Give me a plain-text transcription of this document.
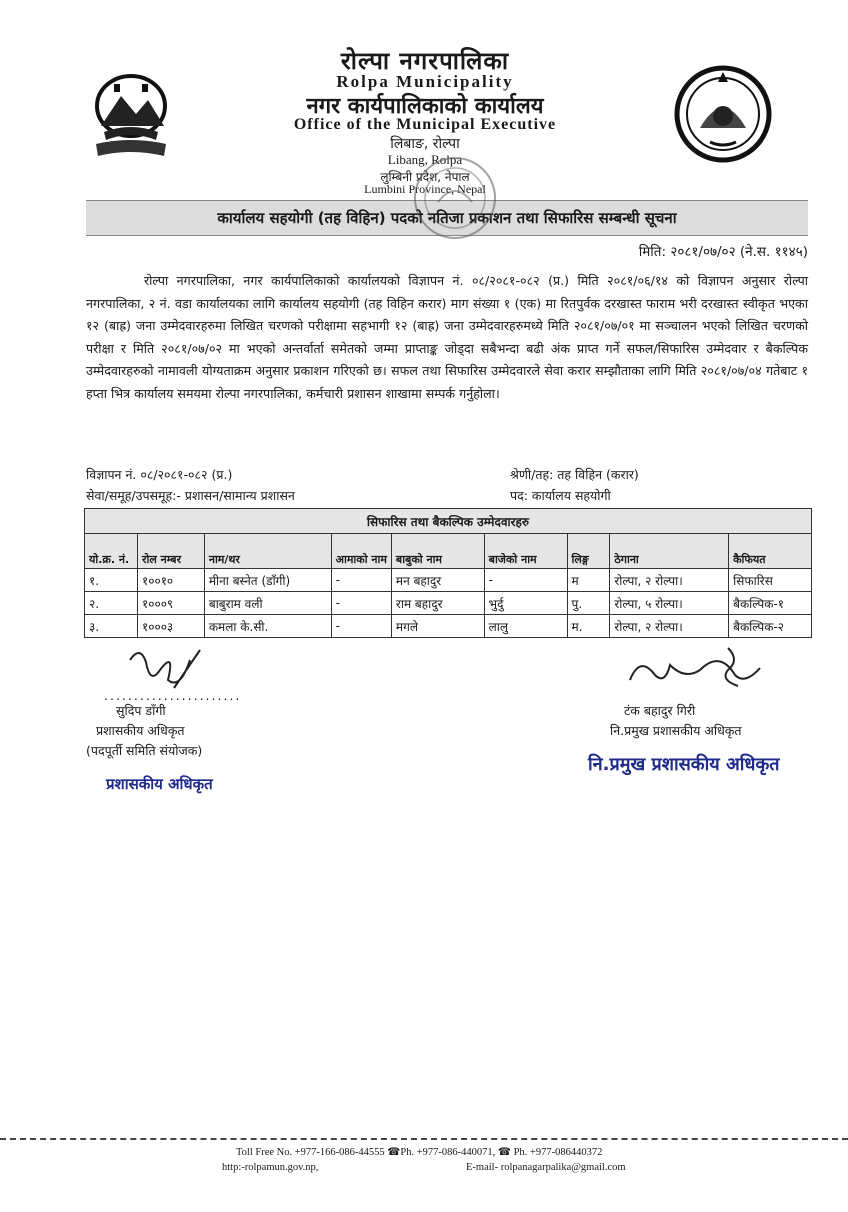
रोल्पा नगरपालिका
Rolpa Municipality
नगर कार्यपालिकाको कार्यालय
Office of the Municipal Executive
लिबाङ, रोल्पा
Libang, Rolpa
लुम्बिनी प्रदेश, नेपाल
Lumbini Province, Nepal
कार्यालय सहयोगी (तह विहिन) पदको नतिजा प्रकाशन तथा सिफारिस सम्बन्धी सूचना
मिति: २०८१/०७/०२ (ने.स. ११४५)
रोल्पा नगरपालिका, नगर कार्यपालिकाको कार्यालयको विज्ञापन नं. ०८/२०८१-०८२ (प्र.) मिति २०८१/०६/१४ को विज्ञापन अनुसार रोल्पा नगरपालिका, २ नं. वडा कार्यालयका लागि कार्यालय सहयोगी (तह विहिन करार) माग संख्या १ (एक) मा रितपुर्वक दरखास्त फाराम भरी दरखास्त स्वीकृत भएका १२ (बाह्र) जना उम्मेदवारहरुमा लिखित चरणको परीक्षामा सहभागी १२ (बाह्र) जना उम्मेदवारहरुमध्ये मिति २०८१/०७/०१ मा सञ्चालन भएको लिखित चरणको परीक्षा र मिति २०८१/०७/०२ मा भएको अन्तर्वार्ता समेतको जम्मा प्राप्ताङ्क जोड्दा सबैभन्दा बढी अंक प्राप्त गर्ने सफल/सिफारिस उम्मेदवार र बैकल्पिक उम्मेदवारहरुको नामावली योग्यताक्रम अनुसार प्रकाशन गरिएको छ। सफल तथा सिफारिस उम्मेदवारले सेवा करार सम्झौताका लागि मिति २०८१/०७/०४ गतेबाट १ हप्ता भित्र कार्यालय समयमा रोल्पा नगरपालिका, कर्मचारी प्रशासन शाखामा सम्पर्क गर्नुहोला।
विज्ञापन नं. ०८/२०८१-०८२ (प्र.)	श्रेणी/तह: तह विहिन (करार)
सेवा/समूह/उपसमूह:- प्रशासन/सामान्य प्रशासन	पद: कार्यालय सहयोगी
सिफारिस तथा बैकल्पिक उम्मेदवारहरु								
यो.क्र. नं.	रोल नम्बर	नाम/थर	आमाको नाम	बाबुको नाम	बाजेको नाम	लिङ्ग	ठेगाना	कैफियत
१.	१००१०	मीना बस्नेत (डाँगी)	-	मन बहादुर	-	म	रोल्पा, २ रोल्पा।	सिफारिस
२.	१०००९	बाबुराम वली	-	राम बहादुर	भुर्दु	पु.	रोल्पा, ५ रोल्पा।	बैकल्पिक-१
३.	१०००३	कमला के.सी.	-	मगले	लालु	म.	रोल्पा, २ रोल्पा।	बैकल्पिक-२
.......................
सुदिप डाँगी
प्रशासकीय अधिकृत
(पदपूर्ती समिति संयोजक)
प्रशासकीय अधिकृत
टंक बहादुर गिरी
नि.प्रमुख प्रशासकीय अधिकृत
नि.प्रमुख प्रशासकीय अधिकृत
Toll Free No. +977-166-086-44555 ☎Ph. +977-086-440071, ☎ Ph. +977-086440372
http:-rolpamun.gov.np,	E-mail- rolpanagarpalika@gmail.com
